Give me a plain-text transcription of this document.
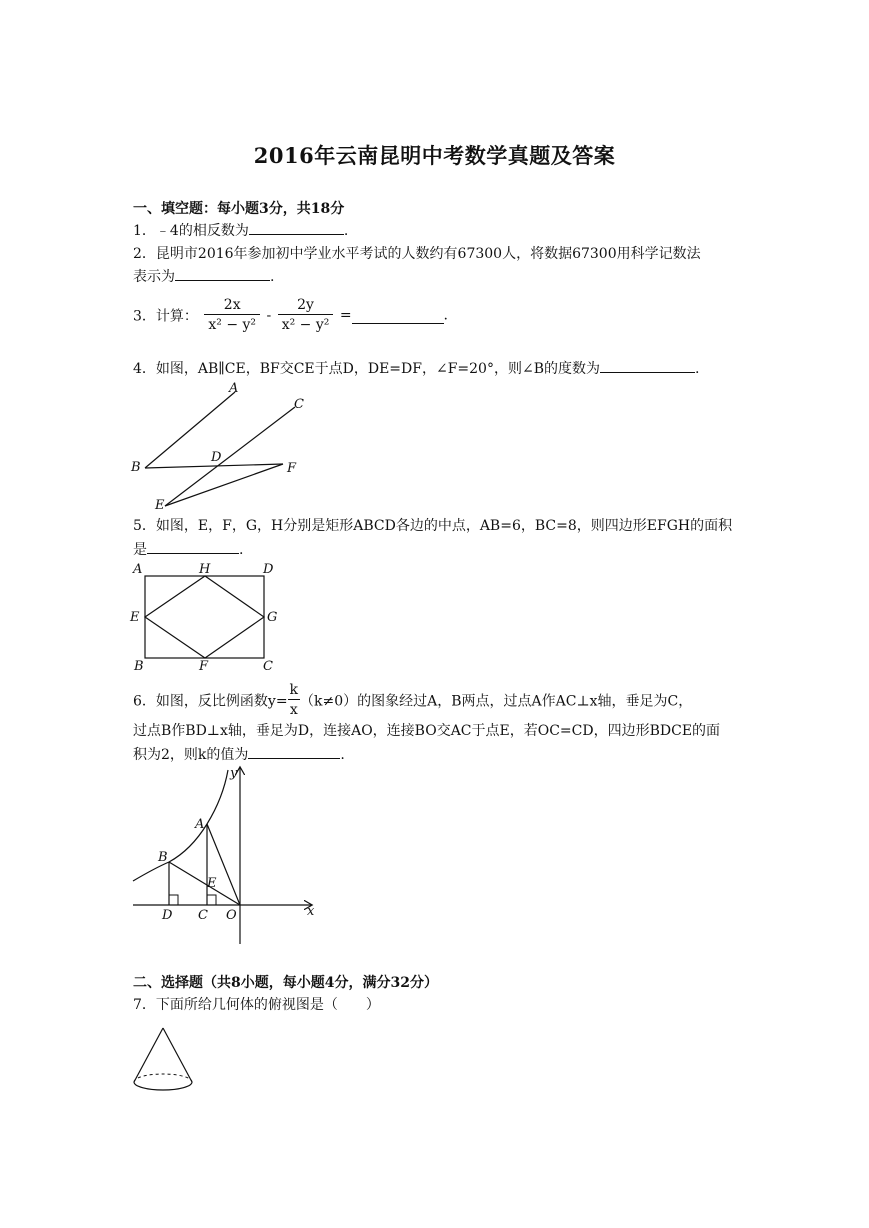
2016年云南昆明中考数学真题及答案
一、填空题：每小题3分，共18分
1．﹣4的相反数为	.
2．昆明市2016年参加初中学业水平考试的人数约有67300人，将数据67300用科学记数法
表示为	.
3．计算： $\frac{2x}{\text{x² − y²}} - \frac{2y}{\text{x² − y²}}$ =	.
4．如图，AB∥CE，BF交CE于点D，DE=DF，∠F=20°，则∠B的度数为	.
A
B
C
D
E
F
5．如图，E，F，G，H分别是矩形ABCD各边的中点，AB=6，BC=8，则四边形EFGH的面积
是	.
A	H	D
E	G
B	F	C
6．如图，反比例函数$y= \frac{k}{x} (k\ne 0)$的图象经过A，B两点，过点A作AC⊥x轴，垂足为C，
过点B作BD⊥x轴，垂足为D，连接AO，连接BO交AC于点E，若OC=CD，四边形BDCE的面
积为2，则k的值为	.
y
x
A
B
E
D C O
二、选择题（共8小题，每小题4分，满分32分）
7．下面所给几何体的俯视图是（　　）
